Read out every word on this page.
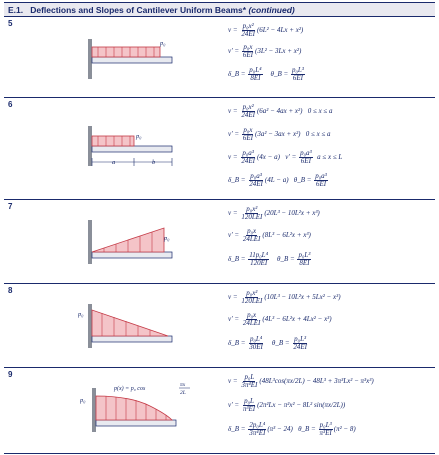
E.1. Deflections and Slopes of Cantilever Uniform Beams* (continued)
5
p₀
v =
$\frac{\text{p₀x²}}{24EI} (6L^2 - 4Lx + x^2)$
v′ =
$\frac{\text{p₀x}}{6EI} (3L^2 - 3Lx + x^2)$
δ_B =
$\frac{\text{p₀L⁴}}{8EI}$
θ_B =
$\frac{\text{p₀L³}}{6EI}$
6
p₀
a	b
v =
$\frac{\text{p₀x²}}{24EI} (6a^2 - 4ax + x^2)$
0 ≤ x ≤ a
v′ =
$\frac{\text{p₀x}}{6EI} (3a^2 - 3ax + x^2)$
0 ≤ x ≤ a
v =
$\frac{\text{p₀a³}}{24EI} (4x - a)$
v′ =
$\frac{\text{p₀a³}}{6EI}$
a ≤ x ≤ L
δ_B =
$\frac{\text{p₀a³}}{24EI} (4L - a)$
θ_B =
$\frac{\text{p₀a³}}{6EI}$
7
p₀
v =
$\frac{\text{p₀x²}}{\text{120LEI}} (20L^3 - 10L^2x + x^3)$
v′ =
$\frac{\text{p₀x}}{\text{24LEI}} (8L^3 - 6L^2x + x^3)$
δ_B =
$\frac{\text{11p₀L⁴}}{120EI}$
θ_B =
$\frac{\text{p₀L³}}{8EI}$
8
p₀
v =
$\frac{\text{p₀x²}}{\text{120LEI}} (10L^3 - 10L^2x + 5Lx^2 - x^3)$
v′ =
$\frac{\text{p₀x}}{\text{24LEI}} (4L^3 - 6L^2x + 4Lx^2 - x^3)$
δ_B =
$\frac{\text{p₀L⁴}}{30EI}$
θ_B =
$\frac{\text{p₀L³}}{24EI}$
9
p₀
p(x) = p₀ cos
πx
2L
v =
$\frac{\text{p₀L}}{\text{3π⁴EI}} (48L^3\cos(\pi x/2L) - 48L^3 + 3\pi^3Lx^2 - \pi^3x^3)$
v′ =
$\frac{\text{p₀L}}{\text{π³EI}} (2\pi^2Lx - \pi^2x^2 - 8L^2$ sin(πx/2L))
δ_B =
$\frac{\text{2p₀L⁴}}{\text{3π⁴EI}} (\pi^3 - 24)$
θ_B =
$\frac{\text{p₀L³}}{\text{π³EI}} (\pi^2 - 8)$
